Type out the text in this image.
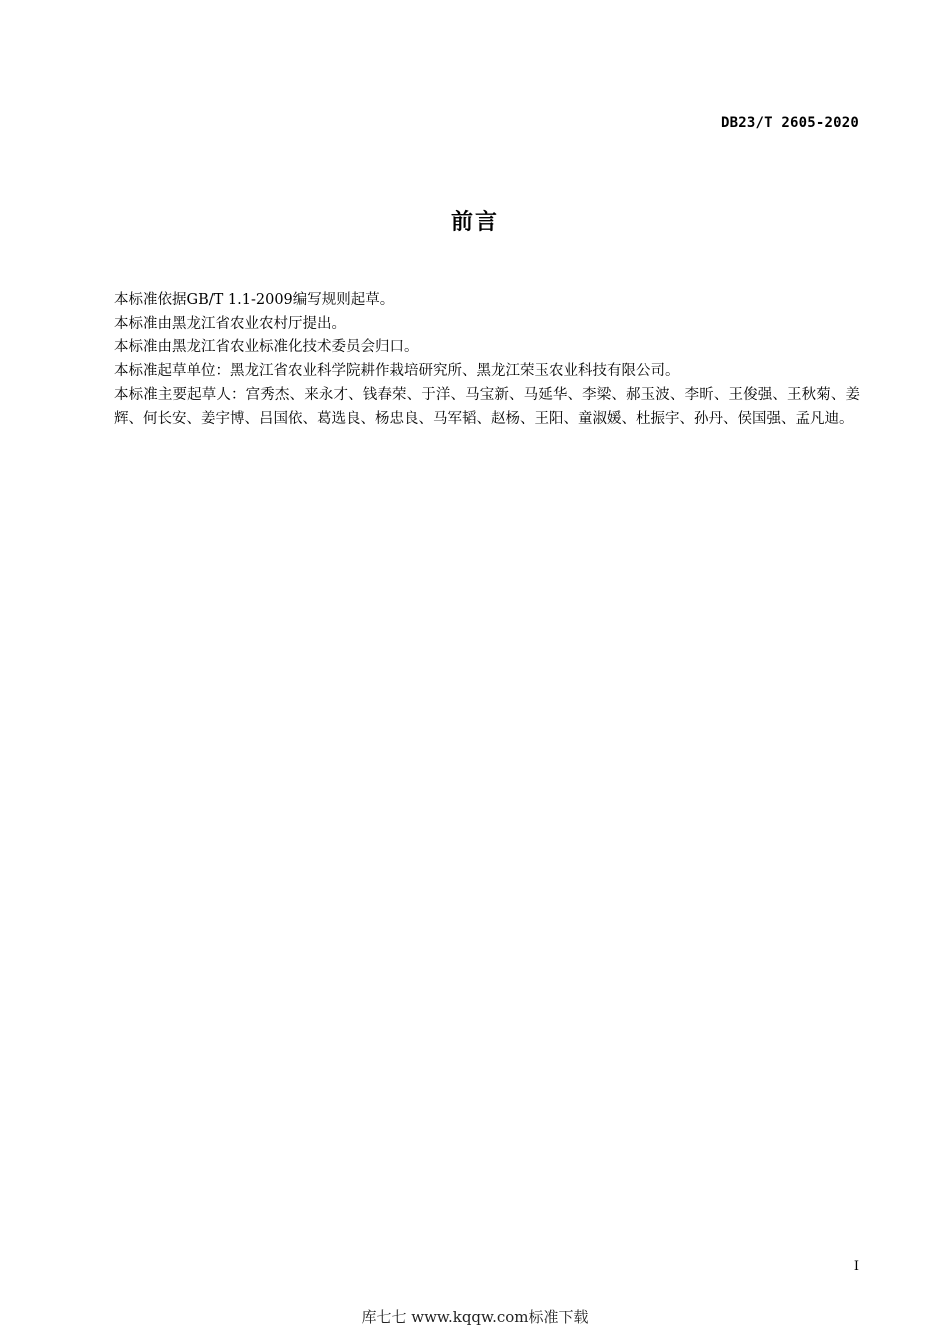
DB23/T 2605-2020
前言

本标准依据GB/T 1.1-2009编写规则起草。

本标准由黑龙江省农业农村厅提出。

本标准由黑龙江省农业标准化技术委员会归口。

本标准起草单位：黑龙江省农业科学院耕作栽培研究所、黑龙江荣玉农业科技有限公司。

本标准主要起草人：宫秀杰、来永才、钱春荣、于洋、马宝新、马延华、李梁、郝玉波、李昕、王俊强、王秋菊、姜辉、何长安、姜宇博、吕国依、葛选良、杨忠良、马军韬、赵杨、王阳、童淑媛、杜振宇、孙丹、侯国强、孟凡迪。

I
库七七 www.kqqw.com标准下载
